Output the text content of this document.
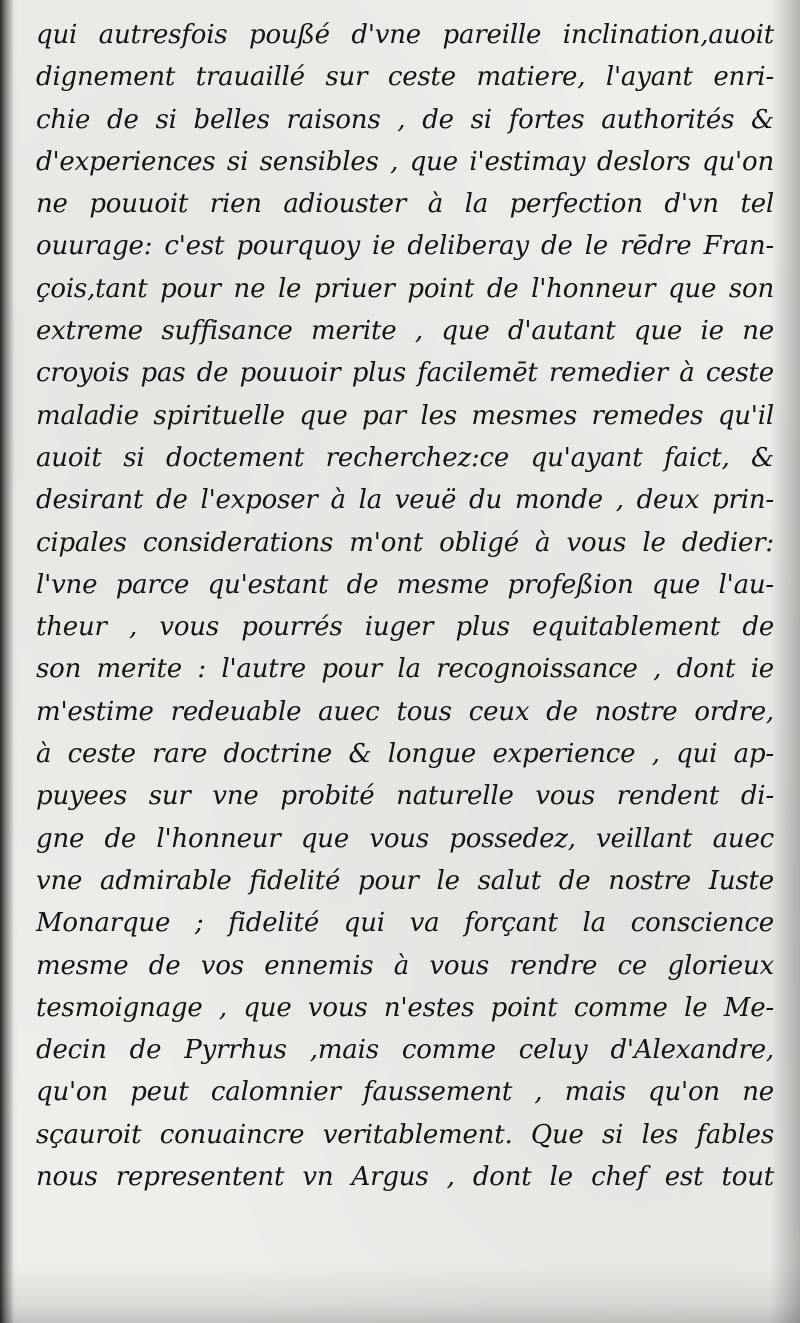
qui autresfois poußé d'vne pareille inclination,auoit
dignement trauaillé sur ceste matiere, l'ayant enri-
chie de si belles raisons , de si fortes authorités &
d'experiences si sensibles , que i'estimay deslors qu'on
ne pouuoit rien adiouster à la perfection d'vn tel
ouurage: c'est pourquoy ie deliberay de le rēdre Fran-
çois,tant pour ne le priuer point de l'honneur que son
extreme suffisance merite , que d'autant que ie ne
croyois pas de pouuoir plus facilemēt remedier à ceste
maladie spirituelle que par les mesmes remedes qu'il
auoit si doctement recherchez:ce qu'ayant faict, &
desirant de l'exposer à la veuë du monde , deux prin-
cipales considerations m'ont obligé à vous le dedier:
l'vne parce qu'estant de mesme profeßion que l'au-
theur , vous pourrés iuger plus equitablement de
son merite : l'autre pour la recognoissance , dont ie
m'estime redeuable auec tous ceux de nostre ordre,
à ceste rare doctrine & longue experience , qui ap-
puyees sur vne probité naturelle vous rendent di-
gne de l'honneur que vous possedez, veillant auec
vne admirable fidelité pour le salut de nostre Iuste
Monarque ; fidelité qui va forçant la conscience
mesme de vos ennemis à vous rendre ce glorieux
tesmoignage , que vous n'estes point comme le Me-
decin de Pyrrhus ,mais comme celuy d'Alexandre,
qu'on peut calomnier faussement , mais qu'on ne
sçauroit conuaincre veritablement. Que si les fables
nous representent vn Argus , dont le chef est tout
